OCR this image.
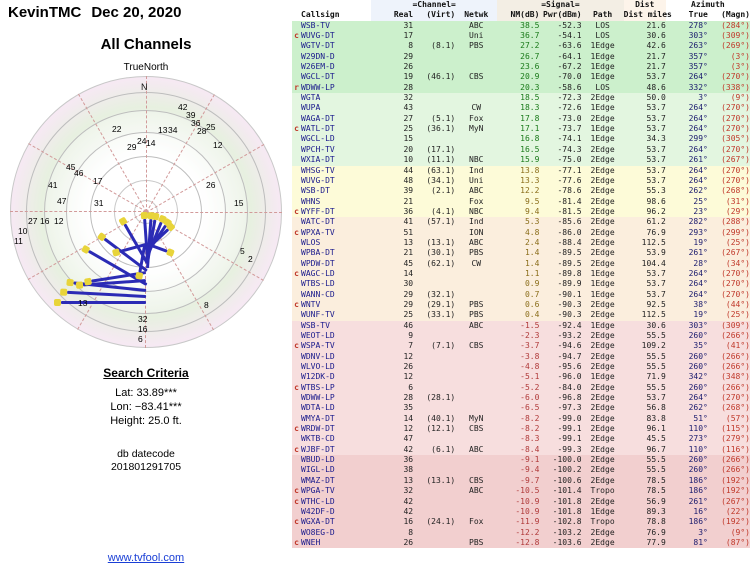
KevinTMC Dec 20, 2020
All Channels
TrueNorth
N
42
39
36
13 34 28 25
29
22
24 14	12
45
46
17
41
47	31
27 16 12
10
26
15
13
32
16
6
8
5
2
11
Search Criteria
Lat: 33.89***
Lon: −83.41***
Height: 25.0 ft.
db datecode
201801291705
www.tvfool.com
		=Channel=			=Signal=			Dist	Azimuth	
	Callsign	Real	(Virt)	Netwk	NM(dB)	Pwr(dBm)	Path	Dist miles	True	(Magn)
	WSB-TV	31		ABC	38.5	-52.3	LOS	21.6	278°	(284°)
c	WUVG-DT	17		Uni	36.7	-54.1	LOS	30.6	303°	(309°)
	WGTV-DT	8	(8.1)	PBS	27.2	-63.6	1Edge	42.6	263°	(269°)
	W29DN-D	29			26.7	-64.1	1Edge	21.7	357°	(3°)
	W26EM-D	26			23.6	-67.2	1Edge	21.7	357°	(3°)
	WGCL-DT	19	(46.1)	CBS	20.9	-70.0	1Edge	53.7	264°	(270°)
r	WDWW-LP	28			20.3	-58.6	LOS	48.6	332°	(338°)
	WGTA	32			18.5	-72.3	2Edge	50.0	3°	(9°)
	WUPA	43		CW	18.3	-72.6	1Edge	53.7	264°	(270°)
	WAGA-DT	27	(5.1)	Fox	17.8	-73.0	2Edge	53.7	264°	(270°)
c	WATL-DT	25	(36.1)	MyN	17.1	-73.7	1Edge	53.7	264°	(270°)
	WGCL-LD	15			16.8	-74.1	1Edge	34.3	299°	(305°)
	WPCH-TV	20	(17.1)		16.5	-74.3	2Edge	53.7	264°	(270°)
	WXIA-DT	10	(11.1)	NBC	15.9	-75.0	2Edge	53.7	261°	(267°)
	WHSG-TV	44	(63.1)	Ind	13.8	-77.1	2Edge	53.7	264°	(270°)
	WUVG-DT	48	(34.1)	Uni	13.3	-77.6	2Edge	53.7	264°	(270°)
	WSB-DT	39	(2.1)	ABC	12.2	-78.6	2Edge	55.3	262°	(268°)
	WHNS	21		Fox	9.5	-81.4	2Edge	98.6	25°	(31°)
c	WYFF-DT	36	(4.1)	NBC	9.4	-81.5	2Edge	96.2	23°	(29°)
	WATC-DT	41	(57.1)	Ind	5.3	-85.6	2Edge	61.2	282°	(288°)
c	WPXA-TV	51		ION	4.8	-86.0	2Edge	76.9	293°	(299°)
	WLOS	13	(13.1)	ABC	2.4	-88.4	2Edge	112.5	19°	(25°)
	WPBA-DT	21	(30.1)	PBS	1.4	-89.5	2Edge	53.9	261°	(267°)
	WPDW-DT	45	(62.1)	CW	1.4	-89.5	2Edge	104.4	28°	(34°)
c	WAGC-LD	14			1.1	-89.8	1Edge	53.7	264°	(270°)
	WTBS-LD	30			0.9	-89.9	1Edge	53.7	264°	(270°)
	WANN-CD	29	(32.1)		0.7	-90.1	1Edge	53.7	264°	(270°)
c	WNTV	29	(29.1)	PBS	0.6	-90.3	2Edge	92.5	38°	(44°)
	WUNF-TV	25	(33.1)	PBS	0.4	-90.3	2Edge	112.5	19°	(25°)
	WSB-TV	46		ABC	-1.5	-92.4	1Edge	30.6	303°	(309°)
	WEOT-LD	9			-2.3	-93.2	2Edge	55.5	260°	(266°)
c	WSPA-TV	7	(7.1)	CBS	-3.7	-94.6	2Edge	109.2	35°	(41°)
	WDNV-LD	12			-3.8	-94.7	2Edge	55.5	260°	(266°)
	WLVO-LD	26			-4.8	-95.6	2Edge	55.5	260°	(266°)
	W12DK-D	12			-5.1	-96.0	1Edge	71.9	342°	(348°)
c	WTBS-LP	6			-5.2	-84.0	2Edge	55.5	260°	(266°)
	WDWW-LP	28	(28.1)		-6.0	-96.8	2Edge	53.7	264°	(270°)
	WDTA-LD	35			-6.5	-97.3	2Edge	56.8	262°	(268°)
	WMYA-DT	14	(40.1)	MyN	-8.2	-99.0	2Edge	83.8	51°	(57°)
c	WRDW-DT	12	(12.1)	CBS	-8.2	-99.1	2Edge	96.1	110°	(115°)
	WKTB-CD	47			-8.3	-99.1	2Edge	45.5	273°	(279°)
c	WJBF-DT	42	(6.1)	ABC	-8.4	-99.3	2Edge	96.7	110°	(116°)
	WBUD-LD	36			-9.1	-100.0	2Edge	55.5	260°	(266°)
	WIGL-LD	38			-9.4	-100.2	2Edge	55.5	260°	(266°)
	WMAZ-DT	13	(13.1)	CBS	-9.7	-100.6	2Edge	78.5	186°	(192°)
c	WPGA-TV	32		ABC	-10.5	-101.4	Tropo	78.5	186°	(192°)
c	WTHC-LD	42			-10.9	-101.8	2Edge	56.9	261°	(267°)
	W42DF-D	42			-10.9	-101.8	1Edge	89.3	16°	(22°)
c	WGXA-DT	16	(24.1)	Fox	-11.9	-102.8	Tropo	78.8	186°	(192°)
	WO8EG-D	8			-12.2	-103.2	2Edge	76.9	3°	(9°)
c	WNEH	26		PBS	-12.8	-103.6	2Edge	77.9	81°	(87°)
